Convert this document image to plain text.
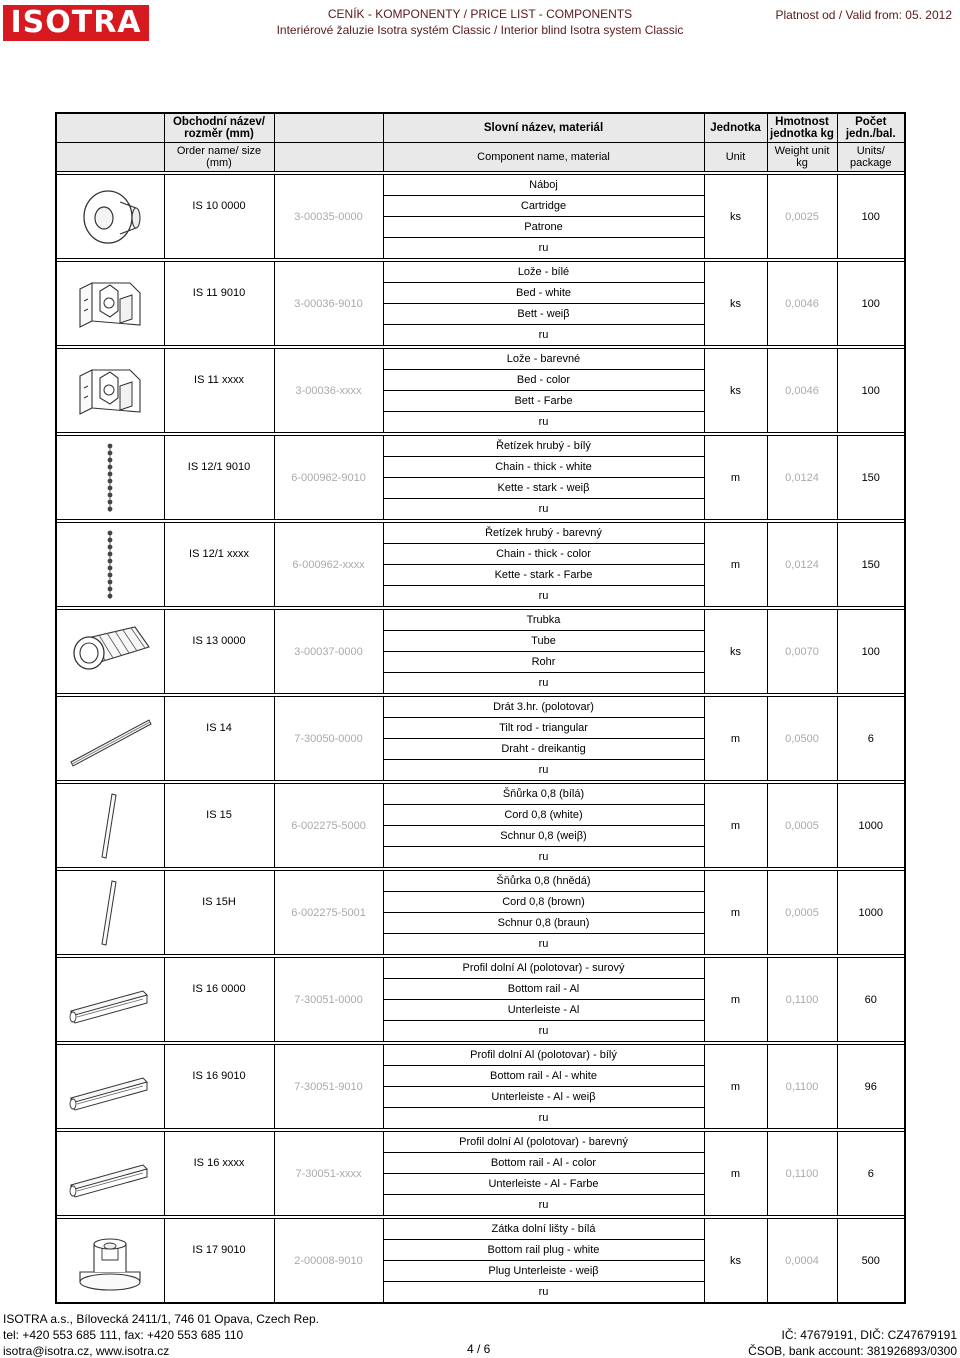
ISOTRA	CENÍK - KOMPONENTY / PRICE LIST - COMPONENTS
Interiérové žaluzie Isotra systém Classic / Interior blind Isotra system Classic
Platnost od / Valid from: 05. 2012
Obrázek	Obchodní název/ rozměr (mm)	Číslo dílu	Slovní název, materiál	Jednotka	Hmotnost jednotka kg	Počet jedn./bal.
Picture	Order name/ size (mm)	Part number	Component name, material	Unit	Weight unit kg	Units/ package

	IS 10 0000	3-00035-0000	Náboj	ks	0,0025	100
			Cartridge			
			Patrone			
			ru			

	IS 11 9010	3-00036-9010	Lože - bílé	ks	0,0046	100
			Bed - white			
			Bett - weiβ			
			ru			

	IS 11 xxxx	3-00036-xxxx	Lože - barevné	ks	0,0046	100
			Bed - color			
			Bett - Farbe			
			ru			

	IS 12/1 9010	6-000962-9010	Řetízek hrubý - bílý	m	0,0124	150
			Chain - thick - white			
			Kette - stark - weiβ			
			ru			

	IS 12/1 xxxx	6-000962-xxxx	Řetízek hrubý - barevný	m	0,0124	150
			Chain - thick - color			
			Kette - stark - Farbe			
			ru			

	IS 13 0000	3-00037-0000	Trubka	ks	0,0070	100
			Tube			
			Rohr			
			ru			

	IS 14	7-30050-0000	Drát 3.hr. (polotovar)	m	0,0500	6
			Tilt rod - triangular			
			Draht - dreikantig			
			ru			

	IS 15	6-002275-5000	Šňůrka 0,8 (bílá)	m	0,0005	1000
			Cord 0,8 (white)			
			Schnur 0,8 (weiβ)			
			ru			

	IS 15H	6-002275-5001	Šňůrka 0,8 (hnědá)	m	0,0005	1000
			Cord 0,8 (brown)			
			Schnur 0,8 (braun)			
			ru			

	IS 16 0000	7-30051-0000	Profil dolní Al (polotovar) - surový	m	0,1100	60
			Bottom rail - Al			
			Unterleiste - Al			
			ru			

	IS 16 9010	7-30051-9010	Profil dolní Al (polotovar) - bílý	m	0,1100	96
			Bottom rail - Al - white			
			Unterleiste - Al - weiβ			
			ru			

	IS 16 xxxx	7-30051-xxxx	Profil dolní Al (polotovar) - barevný	m	0,1100	6
			Bottom rail - Al - color			
			Unterleiste - Al - Farbe			
			ru			

	IS 17 9010	2-00008-9010	Zátka dolní lišty - bílá	ks	0,0004	500
			Bottom rail plug - white			
			Plug Unterleiste - weiβ			
			ru			
ISOTRA a.s., Bílovecká 2411/1, 746 01 Opava, Czech Rep.
tel: +420 553 685 111, fax: +420 553 685 110
isotra@isotra.cz, www.isotra.cz	4 / 6
IČ: 47679191, DIČ: CZ47679191
ČSOB, bank account: 381926893/0300
